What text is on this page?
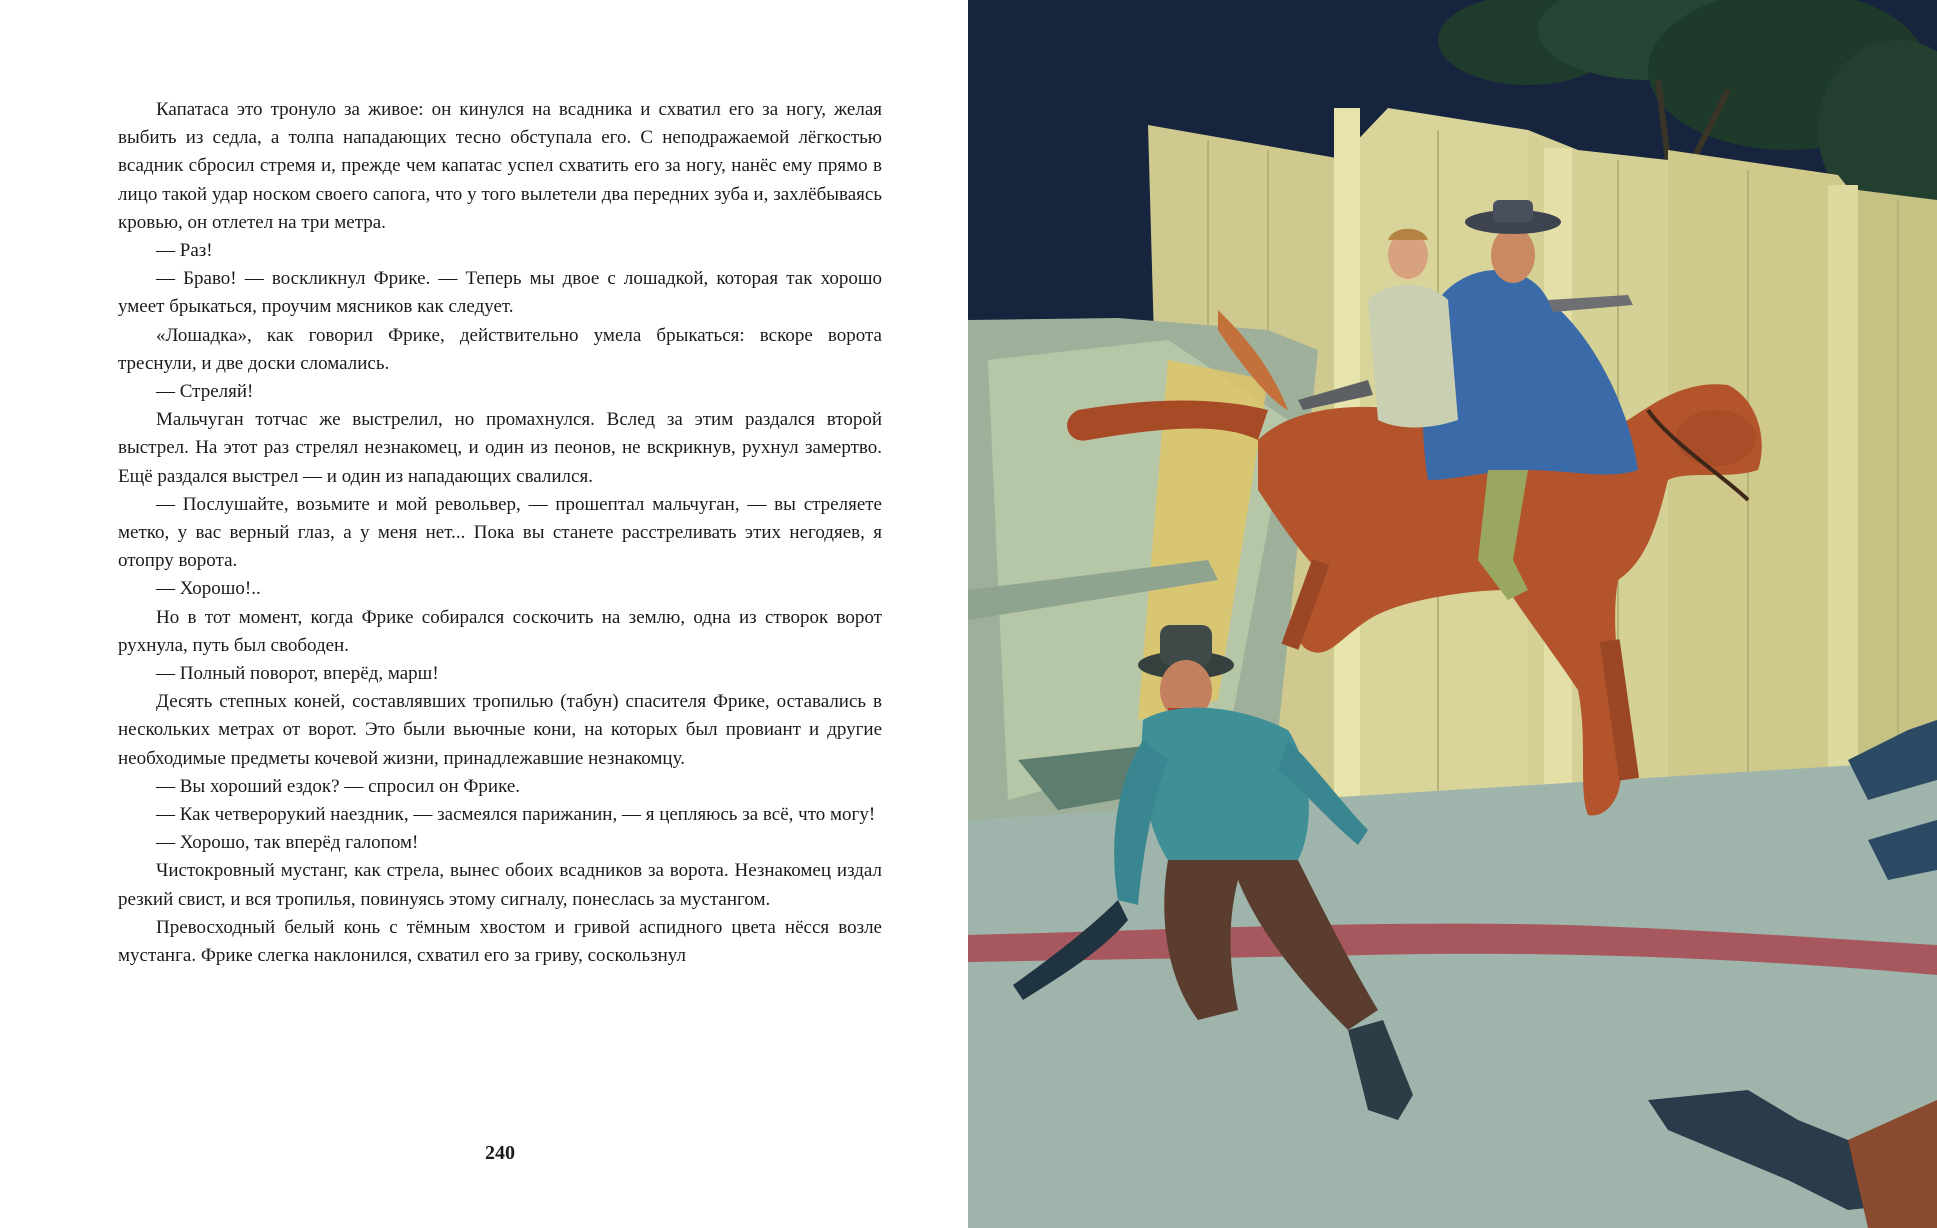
Капатаса это тронуло за живое: он кинулся на всадника и схватил его за ногу, желая выбить из седла, а толпа нападающих тесно обступала его. С неподражаемой лёгкостью всадник сбросил стремя и, прежде чем капатас успел схватить его за ногу, нанёс ему прямо в лицо такой удар носком своего сапога, что у того вылетели два передних зуба и, захлёбываясь кровью, он отлетел на три метра.

— Раз!

— Браво! — воскликнул Фрике. — Теперь мы двое с лошадкой, которая так хорошо умеет брыкаться, проучим мясников как следует.

«Лошадка», как говорил Фрике, действительно умела брыкаться: вскоре ворота треснули, и две доски сломались.

— Стреляй!

Мальчуган тотчас же выстрелил, но промахнулся. Вслед за этим раздался второй выстрел. На этот раз стрелял незнакомец, и один из пеонов, не вскрикнув, рухнул замертво. Ещё раздался выстрел — и один из нападающих свалился.

— Послушайте, возьмите и мой револьвер, — прошептал мальчуган, — вы стреляете метко, у вас верный глаз, а у меня нет... Пока вы станете расстреливать этих негодяев, я отопру ворота.

— Хорошо!..

Но в тот момент, когда Фрике собирался соскочить на землю, одна из створок ворот рухнула, путь был свободен.

— Полный поворот, вперёд, марш!

Десять степных коней, составлявших тропилью (табун) спасителя Фрике, оставались в нескольких метрах от ворот. Это были вьючные кони, на которых был провиант и другие необходимые предметы кочевой жизни, принадлежавшие незнакомцу.

— Вы хороший ездок? — спросил он Фрике.

— Как четверорукий наездник, — засмеялся парижанин, — я цепляюсь за всё, что могу!

— Хорошо, так вперёд галопом!

Чистокровный мустанг, как стрела, вынес обоих всадников за ворота. Незнакомец издал резкий свист, и вся тропилья, повинуясь этому сигналу, понеслась за мустангом.

Превосходный белый конь с тёмным хвостом и гривой аспидного цвета нёсся возле мустанга. Фрике слегка наклонился, схватил его за гриву, соскользнул

240
